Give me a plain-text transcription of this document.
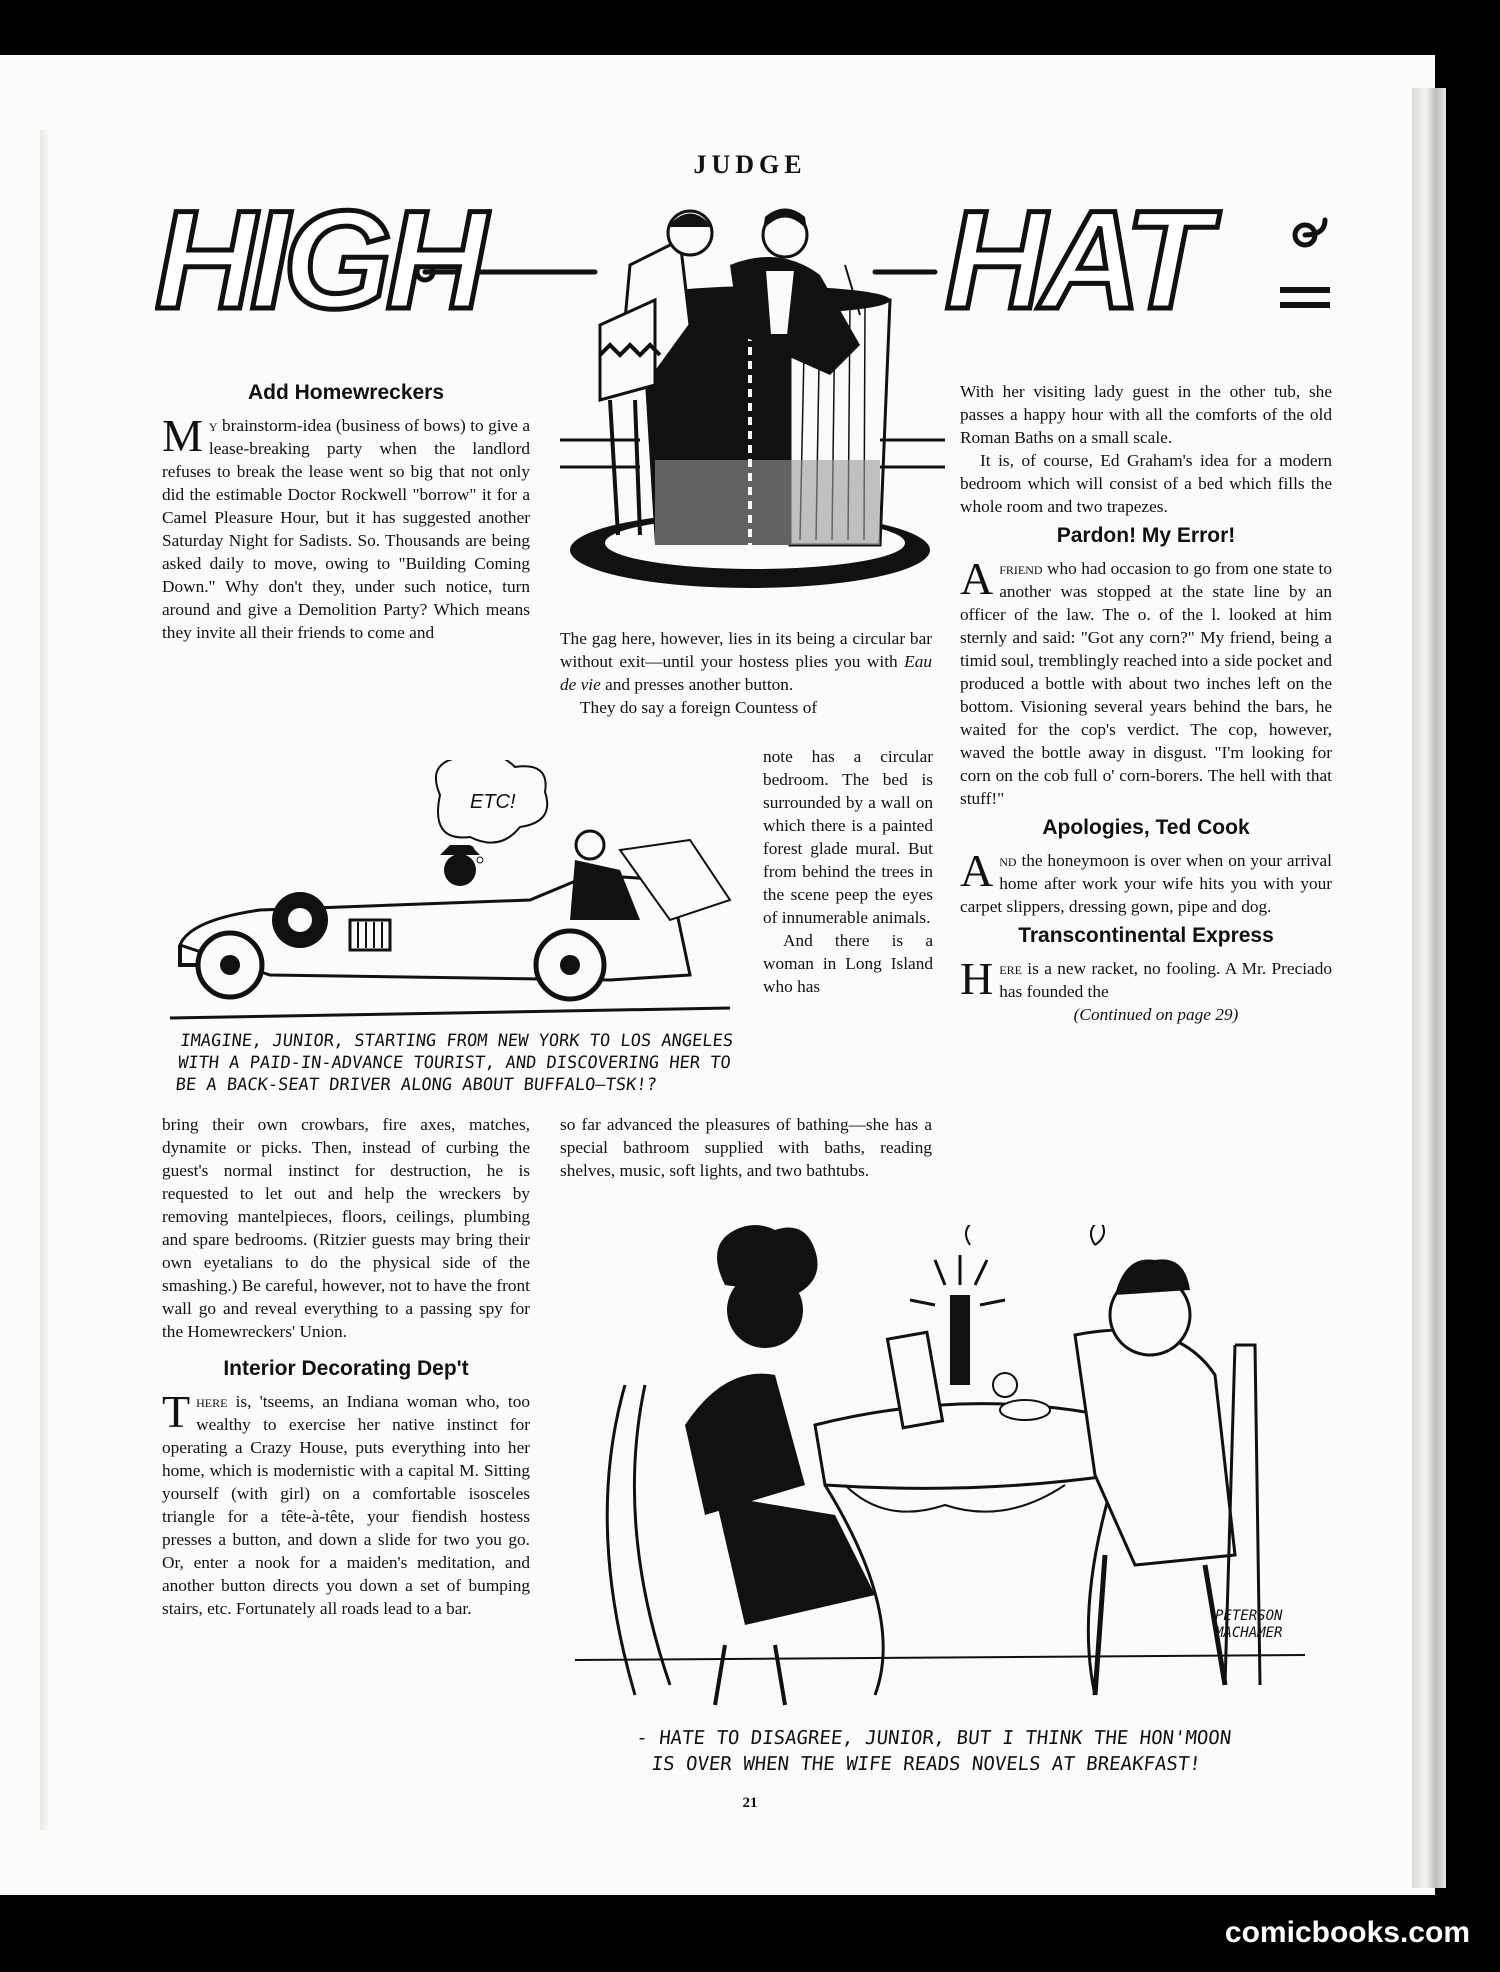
JUDGE
HIGH	HAT
Add Homewreckers

My brainstorm-idea (business of bows) to give a lease-breaking party when the landlord refuses to break the lease went so big that not only did the estimable Doctor Rockwell "borrow" it for a Camel Pleasure Hour, but it has suggested another Saturday Night for Sadists. So. Thousands are being asked daily to move, owing to "Building Coming Down." Why don't they, under such notice, turn around and give a Demolition Party? Which means they invite all their friends to come and

ETC!
IMAGINE, JUNIOR, STARTING FROM NEW YORK TO LOS ANGELES
WITH A PAID-IN-ADVANCE TOURIST, AND DISCOVERING HER TO
BE A BACK-SEAT DRIVER ALONG ABOUT BUFFALO—TSK!?

bring their own crowbars, fire axes, matches, dynamite or picks. Then, instead of curbing the guest's normal instinct for destruction, he is requested to let out and help the wreckers by removing mantelpieces, floors, ceilings, plumbing and spare bedrooms. (Ritzier guests may bring their own eyetalians to do the physical side of the smashing.) Be careful, however, not to have the front wall go and reveal everything to a passing spy for the Homewreckers' Union.

Interior Decorating Dep't

There is, 'tseems, an Indiana woman who, too wealthy to exercise her native instinct for operating a Crazy House, puts everything into her home, which is modernistic with a capital M. Sitting yourself (with girl) on a comfortable isosceles triangle for a tête-à-tête, your fiendish hostess presses a button, and down a slide for two you go. Or, enter a nook for a maiden's meditation, and another button directs you down a set of bumping stairs, etc. Fortunately all roads lead to a bar.

The gag here, however, lies in its being a circular bar without exit—until your hostess plies you with Eau de vie and presses another button.

They do say a foreign Countess of

note has a circular bedroom. The bed is surrounded by a wall on which there is a painted forest glade mural. But from behind the trees in the scene peep the eyes of innumerable animals.

And there is a woman in Long Island who has

so far advanced the pleasures of bathing—she has a special bathroom supplied with baths, reading shelves, music, soft lights, and two bathtubs.

With her visiting lady guest in the other tub, she passes a happy hour with all the comforts of the old Roman Baths on a small scale.

It is, of course, Ed Graham's idea for a modern bedroom which will consist of a bed which fills the whole room and two trapezes.

Pardon! My Error!

Afriend who had occasion to go from one state to another was stopped at the state line by an officer of the law. The o. of the l. looked at him sternly and said: "Got any corn?" My friend, being a timid soul, tremblingly reached into a side pocket and produced a bottle with about two inches left on the bottom. Visioning several years behind the bars, he waited for the cop's verdict. The cop, however, waved the bottle away in disgust. "I'm looking for corn on the cob full o' corn-borers. The hell with that stuff!"

Apologies, Ted Cook

And the honeymoon is over when on your arrival home after work your wife hits you with your carpet slippers, dressing gown, pipe and dog.

Transcontinental Express

Here is a new racket, no fooling. A Mr. Preciado has founded the

(Continued on page 29)

PETERSON
MACHAMER
- HATE TO DISAGREE, JUNIOR, BUT I THINK THE HON'MOON
IS OVER WHEN THE WIFE READS NOVELS AT BREAKFAST!
21
comicbooks.com
